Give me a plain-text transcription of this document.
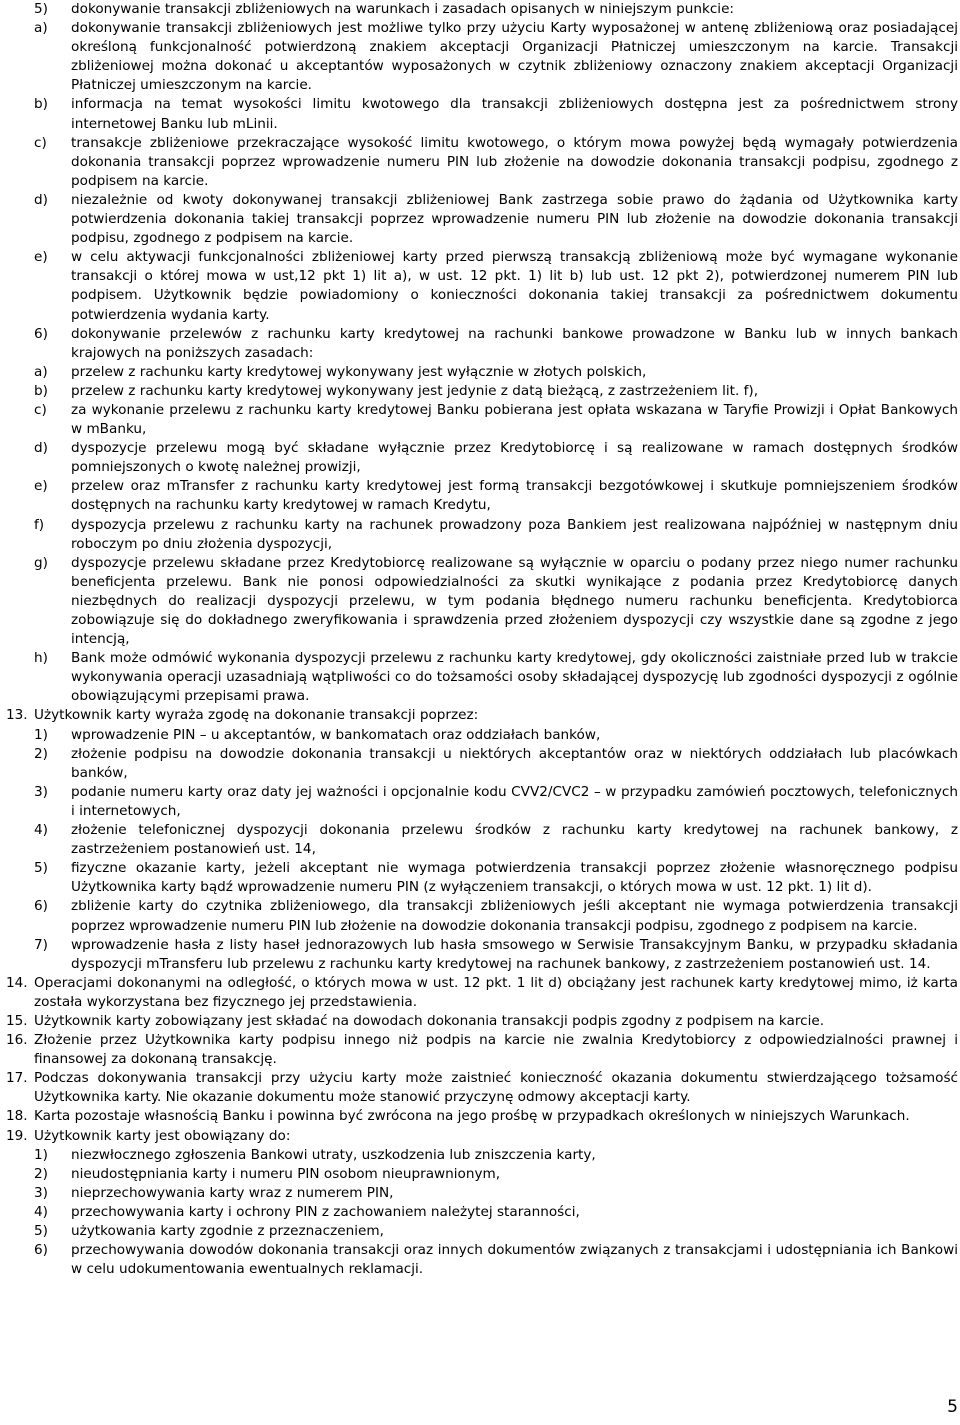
5)	dokonywanie transakcji zbliżeniowych na warunkach i zasadach opisanych w niniejszym punkcie:
a)	dokonywanie transakcji zbliżeniowych jest możliwe tylko przy użyciu Karty wyposażonej w antenę zbliżeniową oraz posiadającej określoną funkcjonalność potwierdzoną znakiem akceptacji Organizacji Płatniczej umieszczonym na karcie. Transakcji zbliżeniowej można dokonać u akceptantów wyposażonych w czytnik zbliżeniowy oznaczony znakiem akceptacji Organizacji Płatniczej umieszczonym na karcie.
b)	informacja na temat wysokości limitu kwotowego dla transakcji zbliżeniowych dostępna jest za pośrednictwem strony internetowej Banku lub mLinii.
c)	transakcje zbliżeniowe przekraczające wysokość limitu kwotowego, o którym mowa powyżej będą wymagały potwierdzenia dokonania transakcji poprzez wprowadzenie numeru PIN lub złożenie na dowodzie dokonania transakcji podpisu, zgodnego z podpisem na karcie.
d)	niezależnie od kwoty dokonywanej transakcji zbliżeniowej Bank zastrzega sobie prawo do żądania od Użytkownika karty potwierdzenia dokonania takiej transakcji poprzez wprowadzenie numeru PIN lub złożenie na dowodzie dokonania transakcji podpisu, zgodnego z podpisem na karcie.
e)	w celu aktywacji funkcjonalności zbliżeniowej karty przed pierwszą transakcją zbliżeniową może być wymagane wykonanie transakcji o której mowa w ust,12 pkt 1) lit a), w ust. 12 pkt. 1) lit b) lub ust. 12 pkt 2), potwierdzonej numerem PIN lub podpisem. Użytkownik będzie powiadomiony o konieczności dokonania takiej transakcji za pośrednictwem dokumentu potwierdzenia wydania karty.
6)	dokonywanie przelewów z rachunku karty kredytowej na rachunki bankowe prowadzone w Banku lub w innych bankach krajowych na poniższych zasadach:
a)	przelew z rachunku karty kredytowej wykonywany jest wyłącznie w złotych polskich,
b)	przelew z rachunku karty kredytowej wykonywany jest jedynie z datą bieżącą, z zastrzeżeniem lit. f),
c)	za wykonanie przelewu z rachunku karty kredytowej Banku pobierana jest opłata wskazana w Taryfie Prowizji i Opłat Bankowych w mBanku,
d)	dyspozycje przelewu mogą być składane wyłącznie przez Kredytobiorcę i są realizowane w ramach dostępnych środków pomniejszonych o kwotę należnej prowizji,
e)	przelew oraz mTransfer z rachunku karty kredytowej jest formą transakcji bezgotówkowej i skutkuje pomniejszeniem środków dostępnych na rachunku karty kredytowej w ramach Kredytu,
f)	dyspozycja przelewu z rachunku karty na rachunek prowadzony poza Bankiem jest realizowana najpóźniej w następnym dniu roboczym po dniu złożenia dyspozycji,
g)	dyspozycje przelewu składane przez Kredytobiorcę realizowane są wyłącznie w oparciu o podany przez niego numer rachunku beneficjenta przelewu. Bank nie ponosi odpowiedzialności za skutki wynikające z podania przez Kredytobiorcę danych niezbędnych do realizacji dyspozycji przelewu, w tym podania błędnego numeru rachunku beneficjenta. Kredytobiorca zobowiązuje się do dokładnego zweryfikowania i sprawdzenia przed złożeniem dyspozycji czy wszystkie dane są zgodne z jego intencją,
h)	Bank może odmówić wykonania dyspozycji przelewu z rachunku karty kredytowej, gdy okoliczności zaistniałe przed lub w trakcie wykonywania operacji uzasadniają wątpliwości co do tożsamości osoby składającej dyspozycję lub zgodności dyspozycji z ogólnie obowiązującymi przepisami prawa.
13. Użytkownik karty wyraża zgodę na dokonanie transakcji poprzez:
1)	wprowadzenie PIN – u akceptantów, w bankomatach oraz oddziałach banków,
2)	złożenie podpisu na dowodzie dokonania transakcji u niektórych akceptantów oraz w niektórych oddziałach lub placówkach banków,
3)	podanie numeru karty oraz daty jej ważności i opcjonalnie kodu CVV2/CVC2 – w przypadku zamówień pocztowych, telefonicznych i internetowych,
4)	złożenie telefonicznej dyspozycji dokonania przelewu środków z rachunku karty kredytowej na rachunek bankowy, z zastrzeżeniem postanowień ust. 14,
5)	fizyczne okazanie karty, jeżeli akceptant nie wymaga potwierdzenia transakcji poprzez złożenie własnoręcznego podpisu Użytkownika karty bądź wprowadzenie numeru PIN (z wyłączeniem transakcji, o których mowa w ust. 12 pkt. 1) lit d).
6)	zbliżenie karty do czytnika zbliżeniowego, dla transakcji zbliżeniowych jeśli akceptant nie wymaga potwierdzenia transakcji poprzez wprowadzenie numeru PIN lub złożenie na dowodzie dokonania transakcji podpisu, zgodnego z podpisem na karcie.
7)	wprowadzenie hasła z listy haseł jednorazowych lub hasła smsowego w Serwisie Transakcyjnym Banku, w przypadku składania dyspozycji mTransferu lub przelewu z rachunku karty kredytowej na rachunek bankowy, z zastrzeżeniem postanowień ust. 14.
14. Operacjami dokonanymi na odległość, o których mowa w ust. 12 pkt. 1 lit d) obciążany jest rachunek karty kredytowej mimo, iż karta została wykorzystana bez fizycznego jej przedstawienia.
15. Użytkownik karty zobowiązany jest składać na dowodach dokonania transakcji podpis zgodny z podpisem na karcie.
16. Złożenie przez Użytkownika karty podpisu innego niż podpis na karcie nie zwalnia Kredytobiorcy z odpowiedzialności prawnej i finansowej za dokonaną transakcję.
17. Podczas dokonywania transakcji przy użyciu karty może zaistnieć konieczność okazania dokumentu stwierdzającego tożsamość Użytkownika karty. Nie okazanie dokumentu może stanowić przyczynę odmowy akceptacji karty.
18. Karta pozostaje własnością Banku i powinna być zwrócona na jego prośbę w przypadkach określonych w niniejszych Warunkach.
19. Użytkownik karty jest obowiązany do:
1)	niezwłocznego zgłoszenia Bankowi utraty, uszkodzenia lub zniszczenia karty,
2)	nieudostępniania karty i numeru PIN osobom nieuprawnionym,
3)	nieprzechowywania karty wraz z numerem PIN,
4)	przechowywania karty i ochrony PIN z zachowaniem należytej staranności,
5)	użytkowania karty zgodnie z przeznaczeniem,
6)	przechowywania dowodów dokonania transakcji oraz innych dokumentów związanych z transakcjami i udostępniania ich Bankowi w celu udokumentowania ewentualnych reklamacji.
5
